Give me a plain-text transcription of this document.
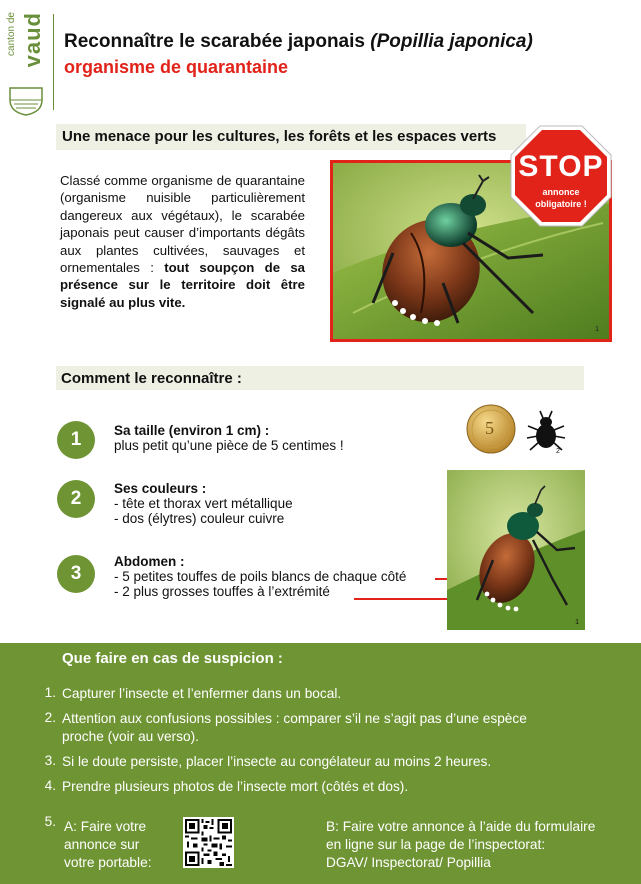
canton de vaud Reconnaître le scarabée japonais (Popillia japonica)
organisme de quarantaine
Une menace pour les cultures, les forêts et les espaces verts
Classé comme organisme de quarantaine (organisme nuisible particulièrement dangereux aux végétaux), le scarabée japonais peut causer d’importants dégâts aux plantes cultivées, sauvages et ornementales : tout soupçon de sa présence sur le territoire doit être signalé au plus vite.
1
STOP
annonce
obligatoire !
Comment le reconnaître :
1	Sa taille (environ 1 cm) :
plus petit qu’une pièce de 5 centimes !
2	Ses couleurs :
- tête et thorax vert métallique
- dos (élytres) couleur cuivre
3
Abdomen :
- 5 petites touffes de poils blancs de chaque côté
- 2 plus grosses touffes à l’extrémité
5
2
1
Que faire en cas de suspicion :
1. Capturer l’insecte et l’enfermer dans un bocal.
2. Attention aux confusions possibles : comparer s’il ne s’agit pas d’une espèce
proche (voir au verso).
3. Si le doute persiste, placer l’insecte au congélateur au moins 2 heures.
4. Prendre plusieurs photos de l’insecte mort (côtés et dos).
5. A: Faire votre
annonce sur
votre portable:
B: Faire votre annonce à l’aide du formulaire
en ligne sur la page de l’inspectorat:
DGAV/ Inspectorat/ Popillia
